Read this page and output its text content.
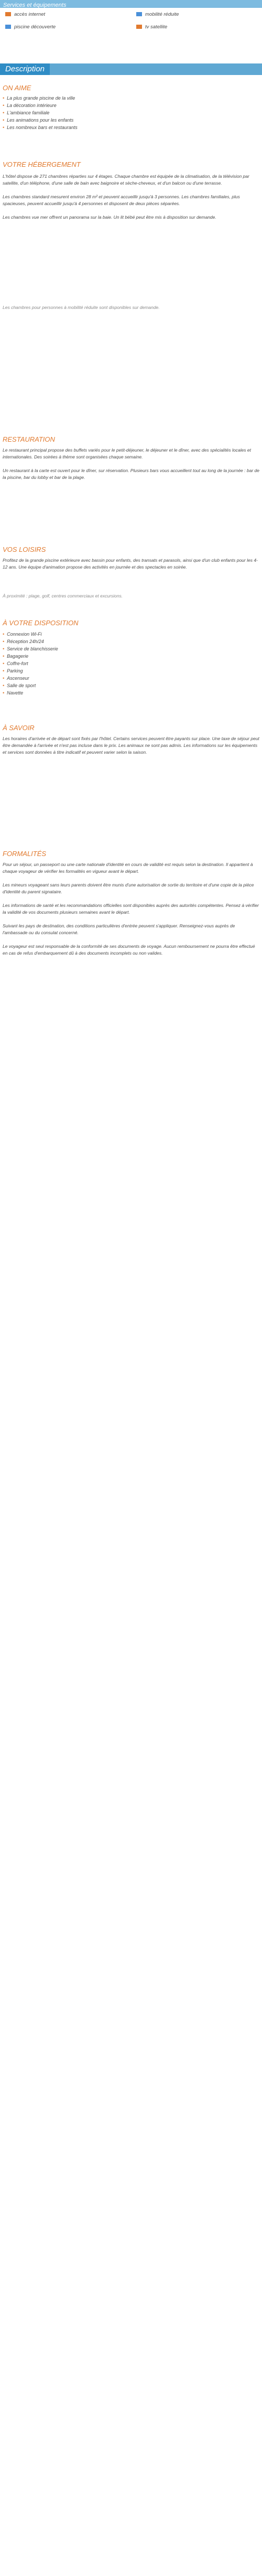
Services et équipements
accès internet	mobilité réduite
piscine découverte	tv satellite
Description
ON AIME
• La plus grande piscine de la ville
• La décoration intérieure
• L'ambiance familiale
• Les animations pour les enfants
• Les nombreux bars et restaurants
VOTRE HÉBERGEMENT
L'hôtel dispose de 271 chambres réparties sur 4 étages. Chaque chambre est équipée de la climatisation, de la télévision par satellite, d'un téléphone, d'une salle de bain avec baignoire et sèche-cheveux, et d'un balcon ou d'une terrasse.

Les chambres standard mesurent environ 28 m² et peuvent accueillir jusqu'à 3 personnes. Les chambres familiales, plus spacieuses, peuvent accueillir jusqu'à 4 personnes et disposent de deux pièces séparées.

Les chambres vue mer offrent un panorama sur la baie. Un lit bébé peut être mis à disposition sur demande.
Les chambres pour personnes à mobilité réduite sont disponibles sur demande.
RESTAURATION
Le restaurant principal propose des buffets variés pour le petit-déjeuner, le déjeuner et le dîner, avec des spécialités locales et internationales. Des soirées à thème sont organisées chaque semaine.

Un restaurant à la carte est ouvert pour le dîner, sur réservation. Plusieurs bars vous accueillent tout au long de la journée : bar de la piscine, bar du lobby et bar de la plage.
VOS LOISIRS
Profitez de la grande piscine extérieure avec bassin pour enfants, des transats et parasols, ainsi que d'un club enfants pour les 4-12 ans. Une équipe d'animation propose des activités en journée et des spectacles en soirée.
À proximité : plage, golf, centres commerciaux et excursions.
À VOTRE DISPOSITION
• Connexion Wi-Fi
• Réception 24h/24
• Service de blanchisserie
• Bagagerie
• Coffre-fort
• Parking
• Ascenseur
• Salle de sport
• Navette
À SAVOIR
Les horaires d'arrivée et de départ sont fixés par l'hôtel. Certains services peuvent être payants sur place. Une taxe de séjour peut être demandée à l'arrivée et n'est pas incluse dans le prix. Les animaux ne sont pas admis. Les informations sur les équipements et services sont données à titre indicatif et peuvent varier selon la saison.
FORMALITÉS
Pour un séjour, un passeport ou une carte nationale d'identité en cours de validité est requis selon la destination. Il appartient à chaque voyageur de vérifier les formalités en vigueur avant le départ.

Les mineurs voyageant sans leurs parents doivent être munis d'une autorisation de sortie du territoire et d'une copie de la pièce d'identité du parent signataire.

Les informations de santé et les recommandations officielles sont disponibles auprès des autorités compétentes. Pensez à vérifier la validité de vos documents plusieurs semaines avant le départ.

Suivant les pays de destination, des conditions particulières d'entrée peuvent s'appliquer. Renseignez-vous auprès de l'ambassade ou du consulat concerné.

Le voyageur est seul responsable de la conformité de ses documents de voyage. Aucun remboursement ne pourra être effectué en cas de refus d'embarquement dû à des documents incomplets ou non valides.
